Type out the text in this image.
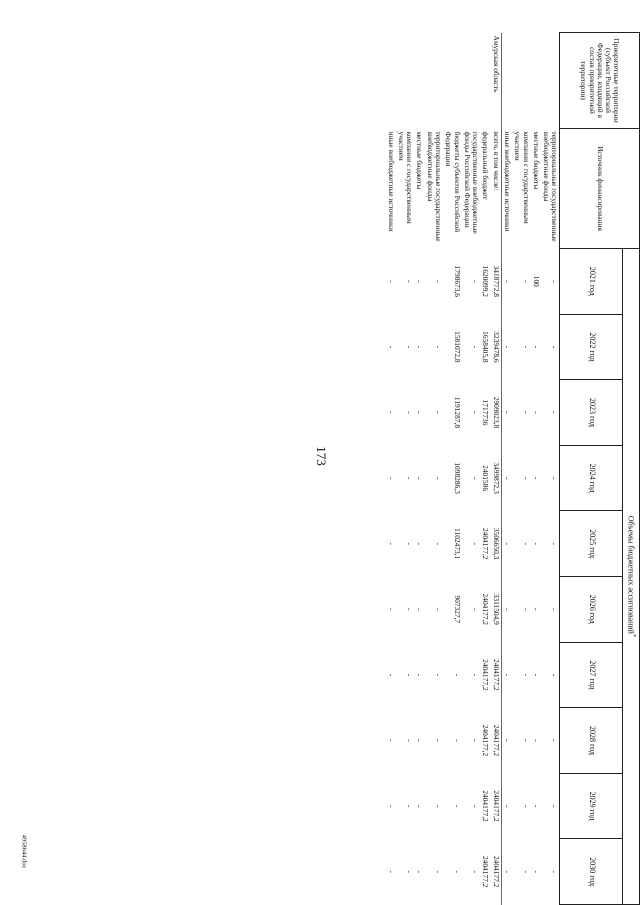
173
4958644.doc
Приоритетные территории (субъект Российской Федерации, входящий в состав приоритетной территории)	Источник финансирования	Объемы бюджетных ассигнований*
		2021 год	2022 год	2023 год	2024 год	2025 год	2026 год	2027 год	2028 год	2029 год	2030 год
	территориальные государственные внебюджетные фонды	-	-	-	-	-	-	-	-	-	-
	местные бюджеты	100	-	-	-	-	-	-	-	-	-
	компании с государственным участием	-	-	-	-	-	-	-	-	-	-
	иные внебюджетные источники	-	-	-	-	-	-	-	-	-	-
Амурская область	всего, в том числе:	3418772,8	3239478,6	2909023,8	3499872,3	3506650,3	3311504,9	2404177,2	2404177,2	2404177,2	2404177,2
	федеральный бюджет	1620099,2	1658405,8	1717736	2401586	2404177,2	2404177,2	2404177,2	2404177,2	2404177,2	2404177,2
	государственные внебюджетные фонды Российской Федерации	-	-	-	-	-	-	-	-	-	-
	бюджеты субъектов Российской Федерации	1798673,6	1581072,8	1191287,8	1098286,3	1102473,1	907327,7	-	-	-	-
	территориальные государственные внебюджетные фонды	-	-	-	-	-	-	-	-	-	-
	местные бюджеты	-	-	-	-	-	-	-	-	-	-
	компании с государственным участием	-	-	-	-	-	-	-	-	-	-
	иные внебюджетные источники	-	-	-	-	-	-	-	-	-	-
